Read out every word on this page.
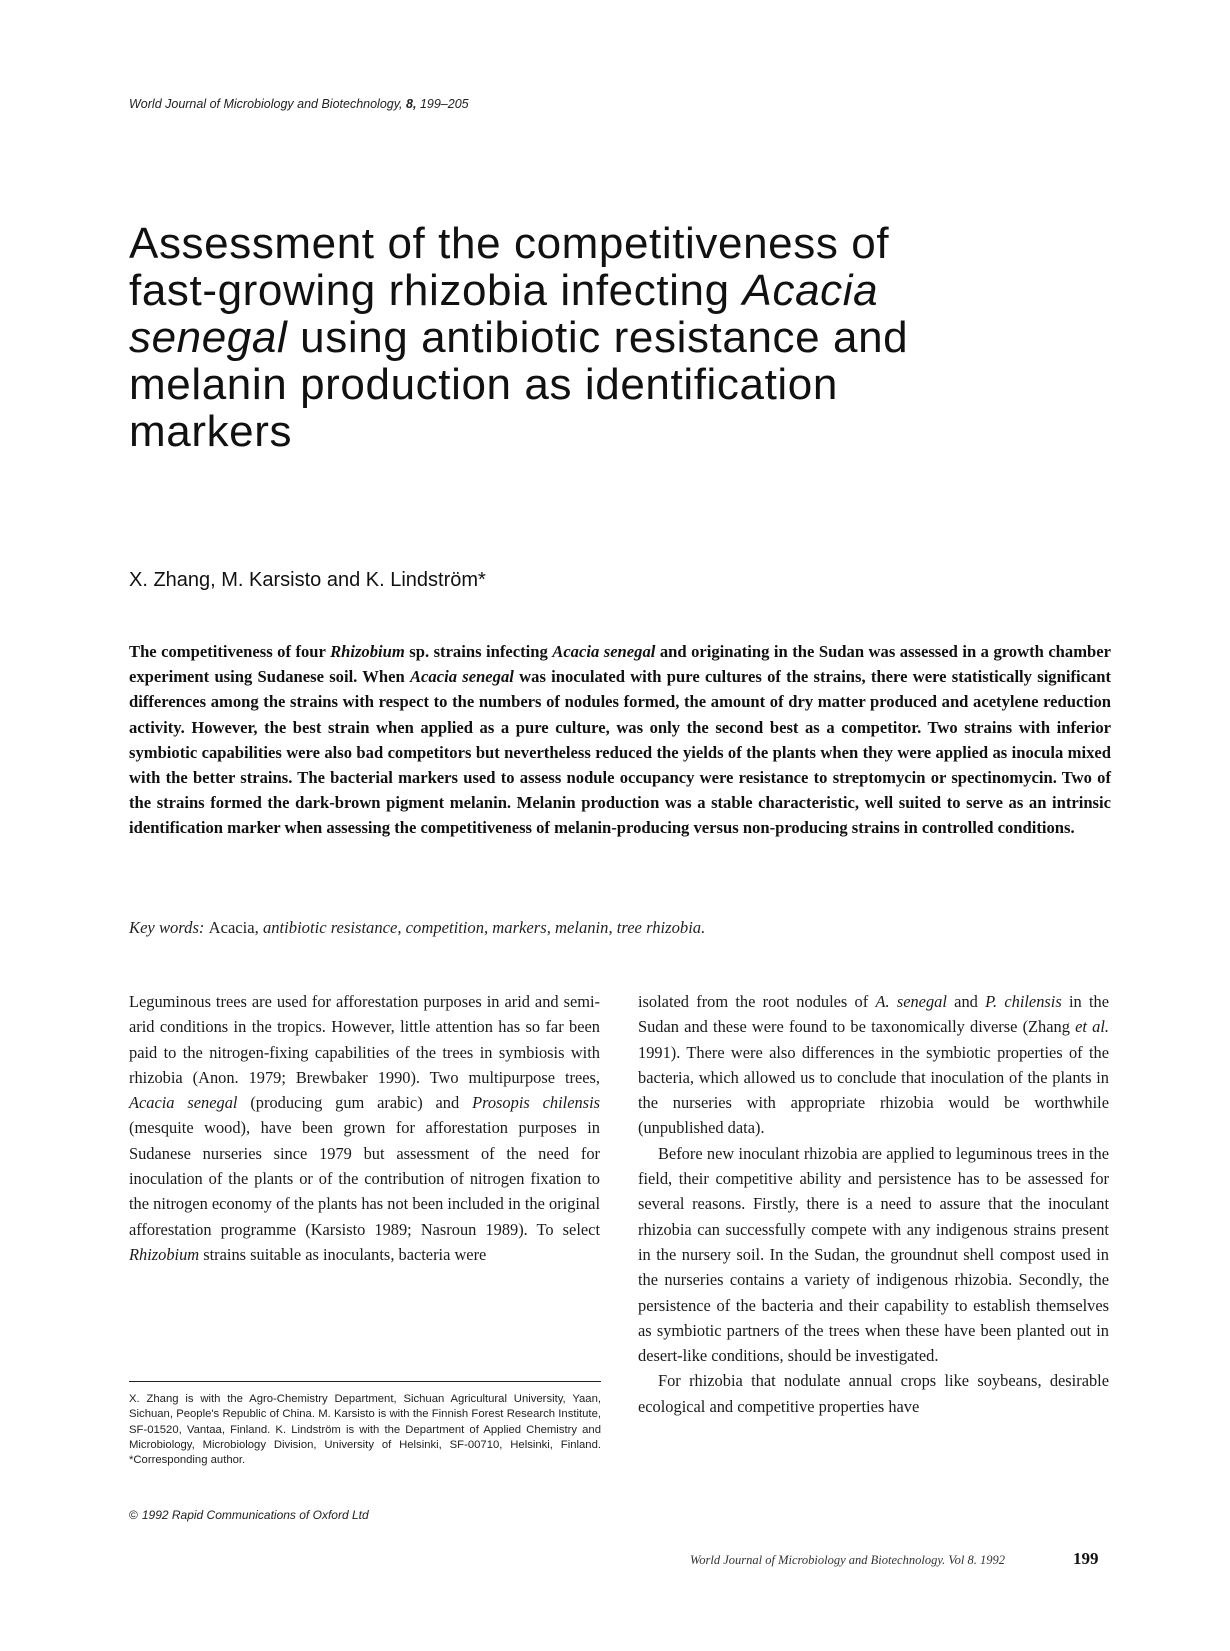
World Journal of Microbiology and Biotechnology, 8, 199–205
Assessment of the competitiveness of
fast-growing rhizobia infecting Acacia
senegal using antibiotic resistance and
melanin production as identification
markers
X. Zhang, M. Karsisto and K. Lindström*

The competitiveness of four Rhizobium sp. strains infecting Acacia senegal and originating in the Sudan was assessed in a growth chamber experiment using Sudanese soil. When Acacia senegal was inoculated with pure cultures of the strains, there were statistically significant differences among the strains with respect to the numbers of nodules formed, the amount of dry matter produced and acetylene reduction activity. However, the best strain when applied as a pure culture, was only the second best as a competitor. Two strains with inferior symbiotic capabilities were also bad competitors but nevertheless reduced the yields of the plants when they were applied as inocula mixed with the better strains. The bacterial markers used to assess nodule occupancy were resistance to streptomycin or spectinomycin. Two of the strains formed the dark-brown pigment melanin. Melanin production was a stable characteristic, well suited to serve as an intrinsic identification marker when assessing the competitiveness of melanin-producing versus non-producing strains in controlled conditions.

Key words: Acacia, antibiotic resistance, competition, markers, melanin, tree rhizobia.

Leguminous trees are used for afforestation purposes in arid and semi-arid conditions in the tropics. However, little attention has so far been paid to the nitrogen-fixing capabilities of the trees in symbiosis with rhizobia (Anon. 1979; Brewbaker 1990). Two multipurpose trees, Acacia senegal (producing gum arabic) and Prosopis chilensis (mesquite wood), have been grown for afforestation purposes in Sudanese nurseries since 1979 but assessment of the need for inoculation of the plants or of the contribution of nitrogen fixation to the nitrogen economy of the plants has not been included in the original afforestation programme (Karsisto 1989; Nasroun 1989). To select Rhizobium strains suitable as inoculants, bacteria were

isolated from the root nodules of A. senegal and P. chilensis in the Sudan and these were found to be taxonomically diverse (Zhang et al. 1991). There were also differences in the symbiotic properties of the bacteria, which allowed us to conclude that inoculation of the plants in the nurseries with appropriate rhizobia would be worthwhile (unpublished data).

Before new inoculant rhizobia are applied to leguminous trees in the field, their competitive ability and persistence has to be assessed for several reasons. Firstly, there is a need to assure that the inoculant rhizobia can successfully compete with any indigenous strains present in the nursery soil. In the Sudan, the groundnut shell compost used in the nurseries contains a variety of indigenous rhizobia. Secondly, the persistence of the bacteria and their capability to establish themselves as symbiotic partners of the trees when these have been planted out in desert-like conditions, should be investigated.

For rhizobia that nodulate annual crops like soybeans, desirable ecological and competitive properties have

X. Zhang is with the Agro-Chemistry Department, Sichuan Agricultural University, Yaan, Sichuan, People's Republic of China. M. Karsisto is with the Finnish Forest Research Institute, SF-01520, Vantaa, Finland. K. Lindström is with the Department of Applied Chemistry and Microbiology, Microbiology Division, University of Helsinki, SF-00710, Helsinki, Finland. *Corresponding author.

© 1992 Rapid Communications of Oxford Ltd
World Journal of Microbiology and Biotechnology. Vol 8. 1992	199
